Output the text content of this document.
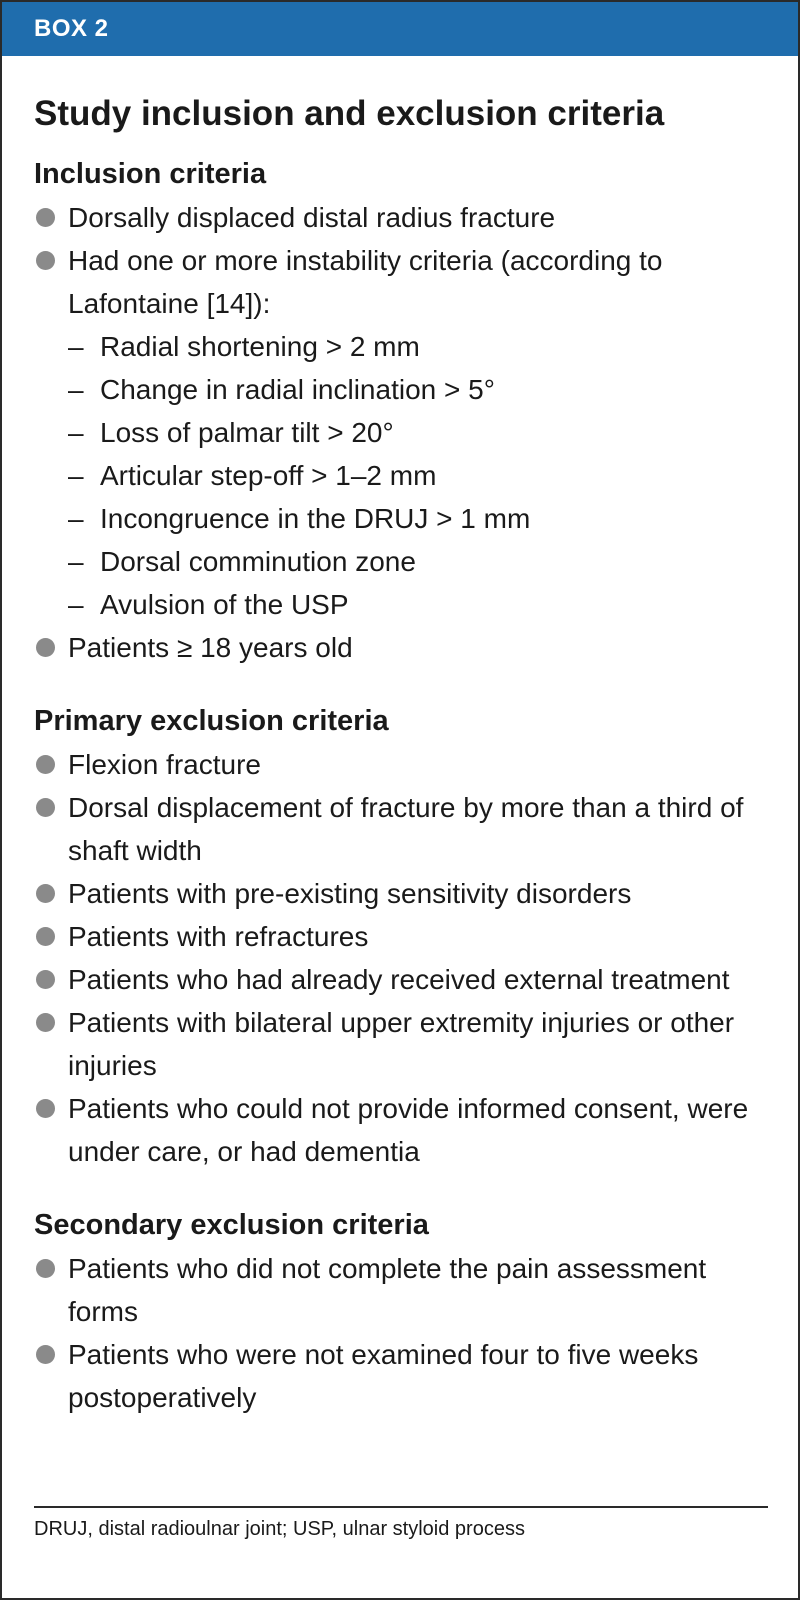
BOX 2
Study inclusion and exclusion criteria
Inclusion criteria
Dorsally displaced distal radius fracture
Had one or more instability criteria (according to Lafontaine [14]):
– Radial shortening > 2 mm
– Change in radial inclination > 5°
– Loss of palmar tilt > 20°
– Articular step-off > 1–2 mm
– Incongruence in the DRUJ > 1 mm
– Dorsal comminution zone
– Avulsion of the USP
Patients ≥ 18 years old
Primary exclusion criteria
Flexion fracture
Dorsal displacement of fracture by more than a third of shaft width
Patients with pre-existing sensitivity disorders
Patients with refractures
Patients who had already received external treatment
Patients with bilateral upper extremity injuries or other injuries
Patients who could not provide informed consent, were under care, or had dementia
Secondary exclusion criteria
Patients who did not complete the pain assessment forms
Patients who were not examined four to five weeks postoperatively
DRUJ, distal radioulnar joint; USP, ulnar styloid process
